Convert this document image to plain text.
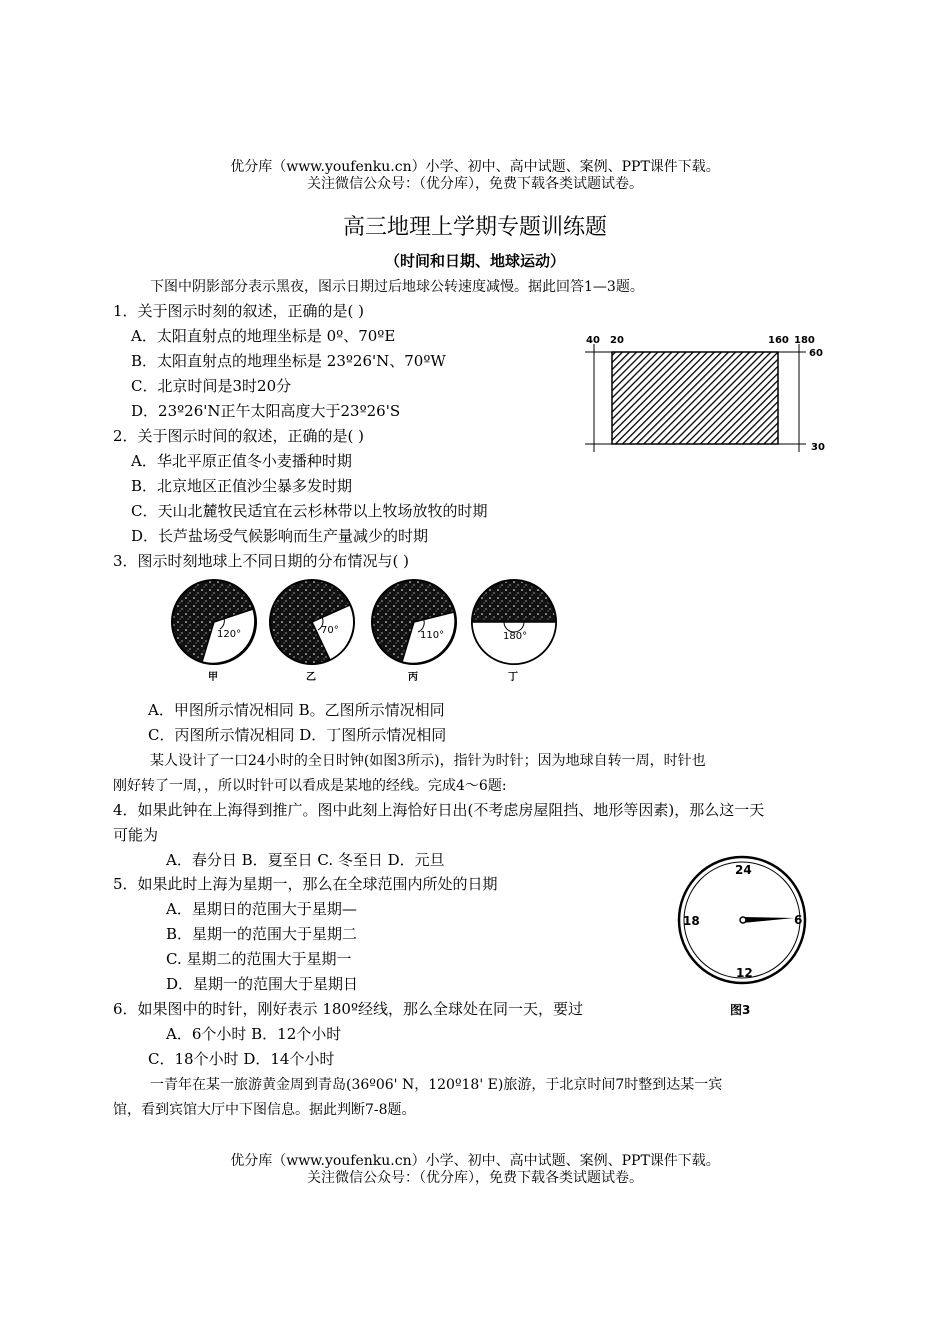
优分库（www.youfenku.cn）小学、初中、高中试题、案例、PPT课件下载。
关注微信公众号：（优分库），免费下载各类试题试卷。
高三地理上学期专题训练题
（时间和日期、地球运动）
下图中阴影部分表示黑夜，图示日期过后地球公转速度减慢。据此回答1—3题。
1．关于图示时刻的叙述，正确的是( )
A．太阳直射点的地理坐标是 0º、70ºE
B．太阳直射点的地理坐标是 23º26'N、70ºW
C．北京时间是3时20分
D．23º26'N正午太阳高度大于23º26'S
2．关于图示时间的叙述，正确的是( )
A．华北平原正值冬小麦播种时期
B．北京地区正值沙尘暴多发时期
C．天山北麓牧民适宜在云杉林带以上牧场放牧的时期
D．长芦盐场受气候影响而生产量减少的时期
3．图示时刻地球上不同日期的分布情况与( )
40 20	160 180
60
30
120°
甲
70°
乙
110°
丙
180°
丁
A．甲图所示情况相同 B。乙图所示情况相同
C．丙图所示情况相同 D．丁图所示情况相同
某人设计了一口24小时的全日时钟(如图3所示)，指针为时针；因为地球自转一周，时针也
刚好转了一周，，所以时针可以看成是某地的经线。完成4～6题:
4．如果此钟在上海得到推广。图中此刻上海恰好日出(不考虑房屋阻挡、地形等因素)，那么这一天
可能为
A．春分日 B．夏至日 C. 冬至日 D．元旦
5．如果此时上海为星期一，那么在全球范围内所处的日期
A．星期日的范围大于星期—
B．星期一的范围大于星期二
C. 星期二的范围大于星期一
D．星期一的范围大于星期日
24
6
12
18
图3
6．如果图中的时针，刚好表示 180º经线，那么全球处在同一天，要过
A．6个小时 B．12个小时
C．18个小时 D．14个小时
一青年在某一旅游黄金周到青岛(36º06' N，120º18' E)旅游，于北京时间7时整到达某一宾
馆，看到宾馆大厅中下图信息。据此判断7-8题。
优分库（www.youfenku.cn）小学、初中、高中试题、案例、PPT课件下载。
关注微信公众号：（优分库），免费下载各类试题试卷。
